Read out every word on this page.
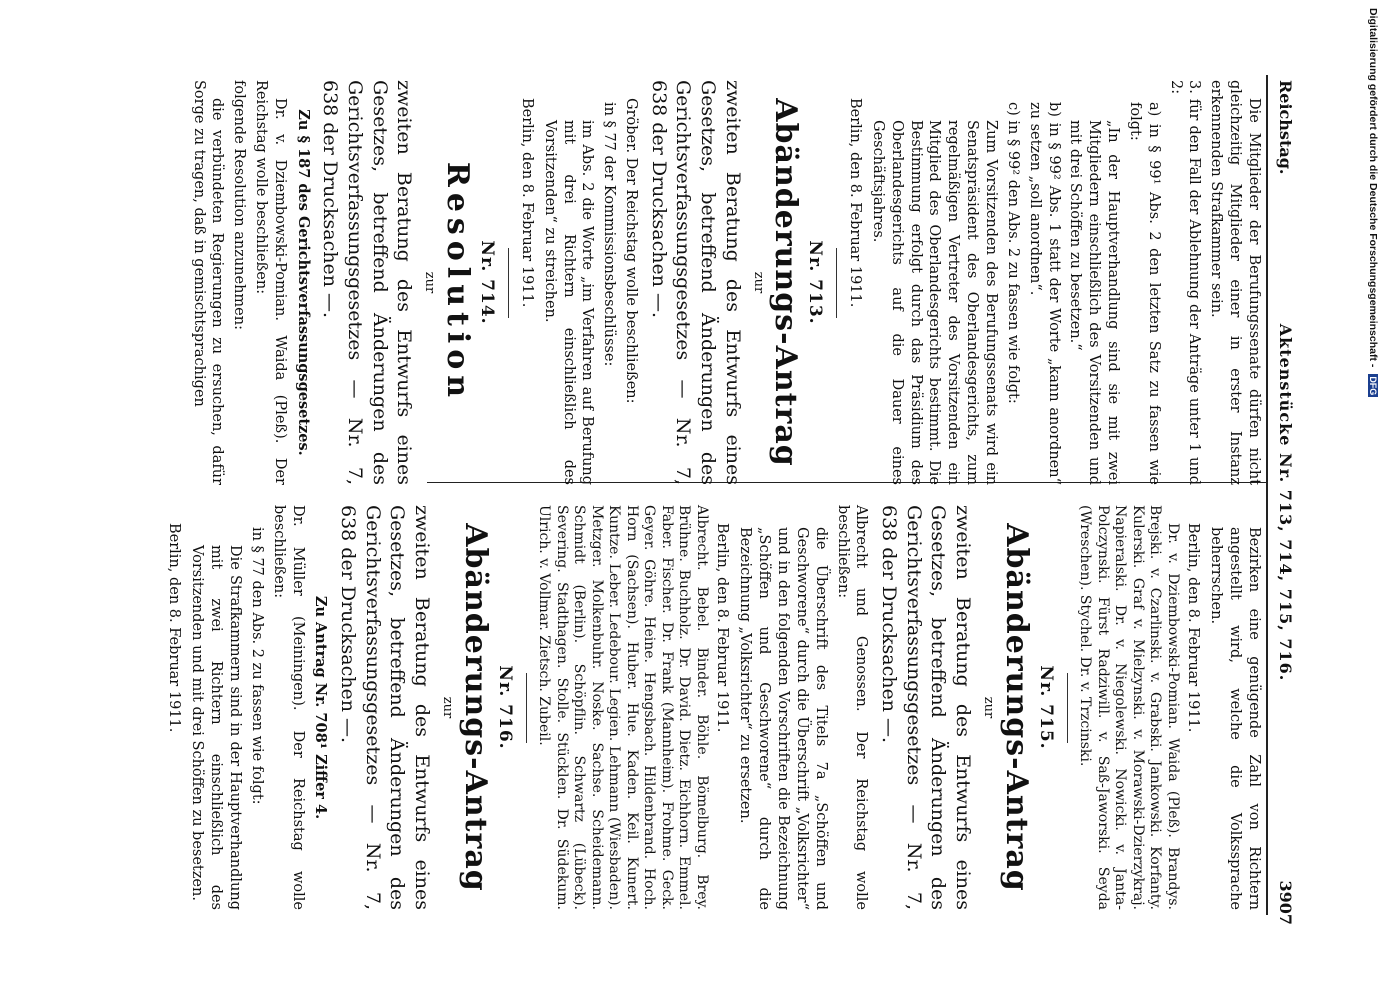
Reichstag.
Aktenstücke Nr. 713, 714, 715, 716.
3907

Die Mitglieder der Berufungssenate dürfen nicht gleichzeitig Mitglieder einer in erster Instanz erkennenden Strafkammer sein.

3. für den Fall der Ablehnung der Anträge unter 1 und 2:

a) in § 99¹ Abs. 2 den letzten Satz zu fassen wie folgt:

„In der Hauptverhandlung sind sie mit zwei Mitgliedern einschließlich des Vorsitzenden und mit drei Schöffen zu besetzen.“

b) in § 99² Abs. 1 statt der Worte „kann anordnen“ zu setzen „soll anordnen“.

c) in § 99² den Abs. 2 zu fassen wie folgt:

Zum Vorsitzenden des Berufungssenats wird ein Senatspräsident des Oberlandesgerichts, zum regelmäßigen Vertreter des Vorsitzenden ein Mitglied des Oberlandesgerichts bestimmt. Die Bestimmung erfolgt durch das Präsidium des Oberlandesgerichts auf die Dauer eines Geschäftsjahres.

Berlin, den 8. Februar 1911.

Nr. 713.
Abänderungs-Antrag
zur

zweiten Beratung des Entwurfs eines Gesetzes, betreffend Änderungen des Gerichtsverfassungsgesetzes — Nr. 7, 638 der Drucksachen —.

Gröber. Der Reichstag wolle beschließen:

in § 77 der Kommissionsbeschlüsse:

im Abs. 2 die Worte „im Verfahren auf Berufung mit drei Richtern einschließlich des Vorsitzenden“ zu streichen.

Berlin, den 8. Februar 1911.

Nr. 714.
Resolution
zur

zweiten Beratung des Entwurfs eines Gesetzes, betreffend Änderungen des Gerichtsverfassungsgesetzes — Nr. 7, 638 der Drucksachen —.

Zu § 187 des Gerichtsverfassungsgesetzes.

Dr. v. Dziembowski-Pomian. Waida (Pleß). Der Reichstag wolle beschließen:

folgende Resolution anzunehmen:

die verbündeten Regierungen zu ersuchen, dafür Sorge zu tragen, daß in gemischtsprachigen

Bezirken eine genügende Zahl von Richtern angestellt wird, welche die Volkssprache beherrschen.

Berlin, den 8. Februar 1911.

Dr. v. Dziembowski-Pomian. Waida (Pleß). Brandys. Brejski. v. Czarlinski. v. Grabski. Jankowski. Korfanty. Kulerski. Graf v. Mielzynski. v. Morawski-Dzierzykraj. Napieralski. Dr. v. Niegolewski. Nowicki. v. Janta-Polczynski. Fürst Radziwill. v. Saß-Jaworski. Seyda (Wreschen). Stychel. Dr. v. Trzcinski.

Nr. 715.
Abänderungs-Antrag
zur

zweiten Beratung des Entwurfs eines Gesetzes, betreffend Änderungen des Gerichtsverfassungsgesetzes — Nr. 7, 638 der Drucksachen —.

Albrecht und Genossen. Der Reichstag wolle beschließen:

die Überschrift des Titels 7a „Schöffen und Geschworene“ durch die Überschrift „Volksrichter“ und in den folgenden Vorschriften die Bezeichnung „Schöffen und Geschworene“ durch die Bezeichnung „Volksrichter“ zu ersetzen.

Berlin, den 8. Februar 1911.

Albrecht. Bebel. Binder. Böhle. Bömelburg. Brey. Brühne. Buchholz. Dr. David. Dietz. Eichhorn. Emmel. Faber. Fischer. Dr. Frank (Mannheim). Frohme. Geck. Geyer. Göhre. Heine. Hengsbach. Hildenbrand. Hoch. Horn (Sachsen). Huber. Hue. Kaden. Keil. Kunert. Kuntze. Leber. Ledebour. Legien. Lehmann (Wiesbaden). Metzger. Molkenbuhr. Noske. Sachse. Scheidemann. Schmidt (Berlin). Schöpflin. Schwartz (Lübeck). Severing. Stadthagen. Stolle. Stücklen. Dr. Südekum. Ulrich. v. Vollmar. Zietsch. Zubeil.

Nr. 716.
Abänderungs-Antrag
zur

zweiten Beratung des Entwurfs eines Gesetzes, betreffend Änderungen des Gerichtsverfassungsgesetzes — Nr. 7, 638 der Drucksachen —.

Zu Antrag Nr. 708¹ Ziffer 4.

Dr. Müller (Meiningen). Der Reichstag wolle beschließen:

in § 77 den Abs. 2 zu fassen wie folgt:

Die Strafkammern sind in der Hauptverhandlung mit zwei Richtern einschließlich des Vorsitzenden und mit drei Schöffen zu besetzen.

Berlin, den 8. Februar 1911.

Digitalisierung gefördert durch die Deutsche Forschungsgemeinschaft - DFG
